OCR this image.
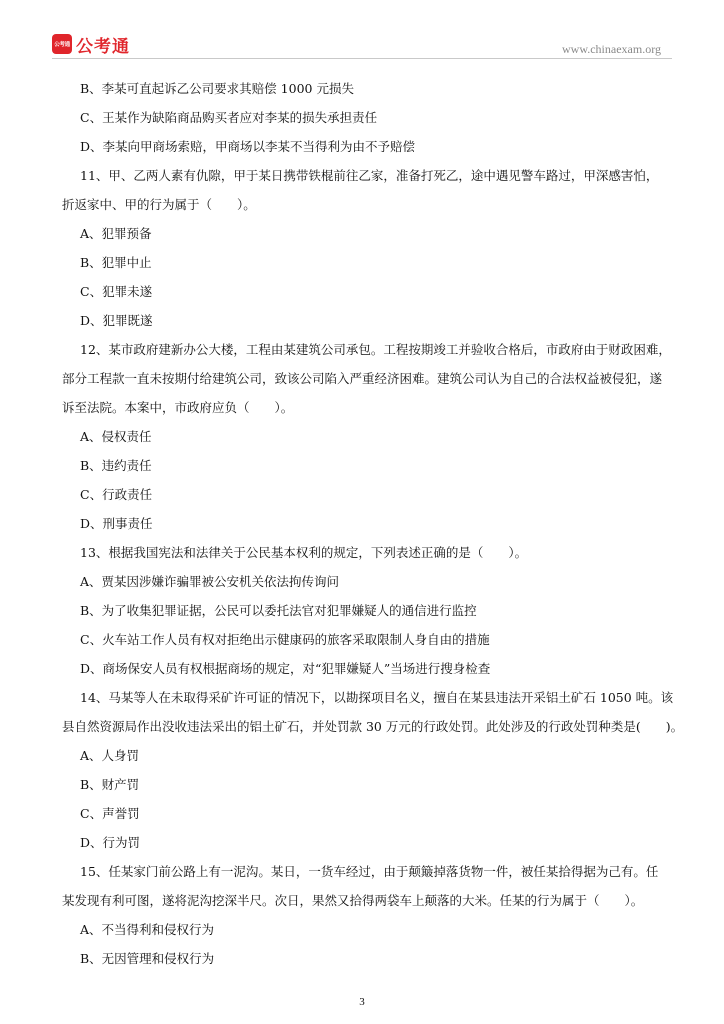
公考通 公考通	www.chinaexam.org
B、李某可直起诉乙公司要求其赔偿 1000 元损失
C、王某作为缺陷商品购买者应对李某的损失承担责任
D、李某向甲商场索赔，甲商场以李某不当得利为由不予赔偿
11、甲、乙两人素有仇隙，甲于某日携带铁棍前往乙家，准备打死乙，途中遇见警车路过，甲深感害怕，
折返家中、甲的行为属于（　　）。
A、犯罪预备
B、犯罪中止
C、犯罪未遂
D、犯罪既遂
12、某市政府建新办公大楼，工程由某建筑公司承包。工程按期竣工并验收合格后，市政府由于财政困难，
部分工程款一直未按期付给建筑公司，致该公司陷入严重经济困难。建筑公司认为自己的合法权益被侵犯，遂
诉至法院。本案中，市政府应负（　　）。
A、侵权责任
B、违约责任
C、行政责任
D、刑事责任
13、根据我国宪法和法律关于公民基本权利的规定，下列表述正确的是（　　）。
A、贾某因涉嫌诈骗罪被公安机关依法拘传询问
B、为了收集犯罪证据，公民可以委托法官对犯罪嫌疑人的通信进行监控
C、火车站工作人员有权对拒绝出示健康码的旅客采取限制人身自由的措施
D、商场保安人员有权根据商场的规定，对“犯罪嫌疑人”当场进行搜身检查
14、马某等人在未取得采矿许可证的情况下，以勘探项目名义，擅自在某县违法开采铝土矿石 1050 吨。该
县自然资源局作出没收违法采出的铝土矿石，并处罚款 30 万元的行政处罚。此处涉及的行政处罚种类是(　　)。
A、人身罚
B、财产罚
C、声誉罚
D、行为罚
15、任某家门前公路上有一泥沟。某日，一货车经过，由于颠簸掉落货物一件，被任某拾得据为己有。任
某发现有利可图，遂将泥沟挖深半尺。次日，果然又拾得两袋车上颠落的大米。任某的行为属于（　　）。
A、不当得利和侵权行为
B、无因管理和侵权行为
3
